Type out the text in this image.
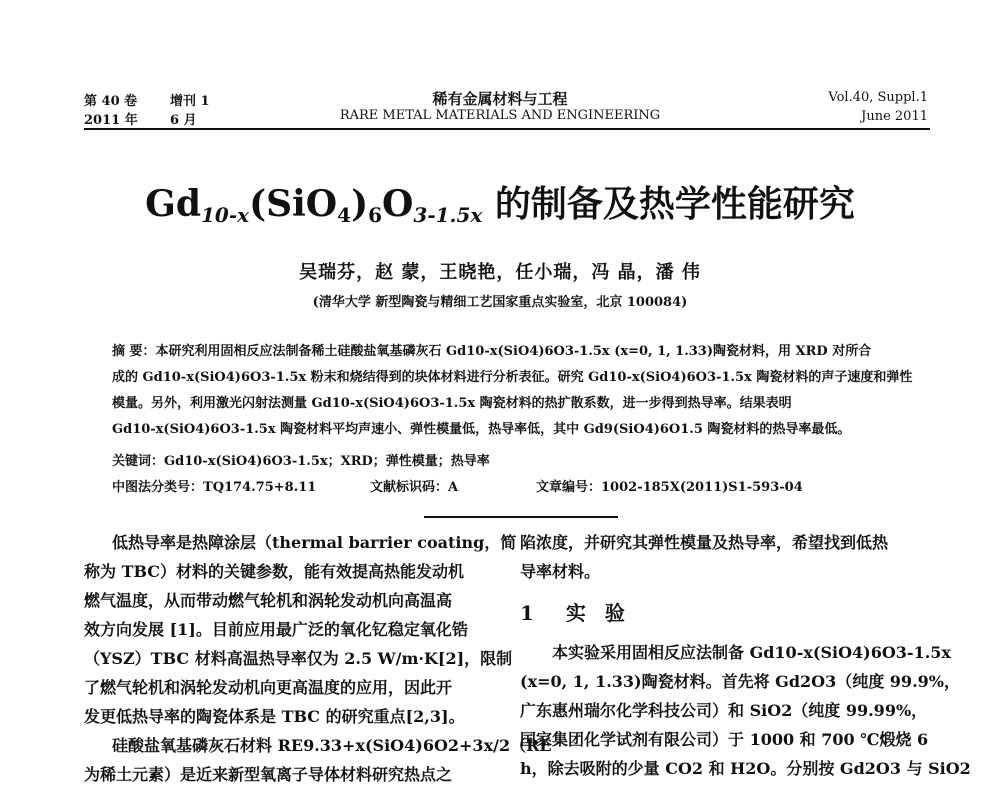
第 40 卷	增刊 1
2011 年 6 月
稀有金属材料与工程
RARE METAL MATERIALS AND ENGINEERING
Vol.40, Suppl.1
June 2011
$Gd_{10-x}(SiO_4)_6O_{3-1.5x}$ 的制备及热学性能研究
吴瑞芬，赵 蒙，王晓艳，任小瑞，冯 晶，潘 伟
(清华大学 新型陶瓷与精细工艺国家重点实验室，北京 100084)
摘 要：本研究利用固相反应法制备稀土硅酸盐氧基磷灰石 Gd10-x(SiO4)6O3-1.5x (x=0, 1, 1.33)陶瓷材料，用 XRD 对所合
成的 Gd10-x(SiO4)6O3-1.5x 粉末和烧结得到的块体材料进行分析表征。研究 Gd10-x(SiO4)6O3-1.5x 陶瓷材料的声子速度和弹性
模量。另外，利用激光闪射法测量 Gd10-x(SiO4)6O3-1.5x 陶瓷材料的热扩散系数，进一步得到热导率。结果表明
Gd10-x(SiO4)6O3-1.5x 陶瓷材料平均声速小、弹性模量低，热导率低，其中 Gd9(SiO4)6O1.5 陶瓷材料的热导率最低。
关键词：Gd10-x(SiO4)6O3-1.5x；XRD；弹性模量；热导率
中图法分类号：TQ174.75+8.11	文献标识码：A	文章编号：1002-185X(2011)S1-593-04
低热导率是热障涂层（thermal barrier coating，简
称为 TBC）材料的关键参数，能有效提高热能发动机
燃气温度，从而带动燃气轮机和涡轮发动机向高温高
效方向发展 [1]。目前应用最广泛的氧化钇稳定氧化锆
（YSZ）TBC 材料高温热导率仅为 2.5 W/m·K[2]，限制
了燃气轮机和涡轮发动机向更高温度的应用，因此开
发更低热导率的陶瓷体系是 TBC 的研究重点[2,3]。
硅酸盐氧基磷灰石材料 RE9.33+x(SiO4)6O2+3x/2（RE
为稀土元素）是近来新型氧离子导体材料研究热点之
陷浓度，并研究其弹性模量及热导率，希望找到低热
导率材料。
1 实 验
本实验采用固相反应法制备 Gd10-x(SiO4)6O3-1.5x
(x=0, 1, 1.33)陶瓷材料。首先将 Gd2O3（纯度 99.9%，
广东惠州瑞尔化学科技公司）和 SiO2（纯度 99.99%，
国家集团化学试剂有限公司）于 1000 和 700 ℃煅烧 6
h，除去吸附的少量 CO2 和 H2O。分别按 Gd2O3 与 SiO2
